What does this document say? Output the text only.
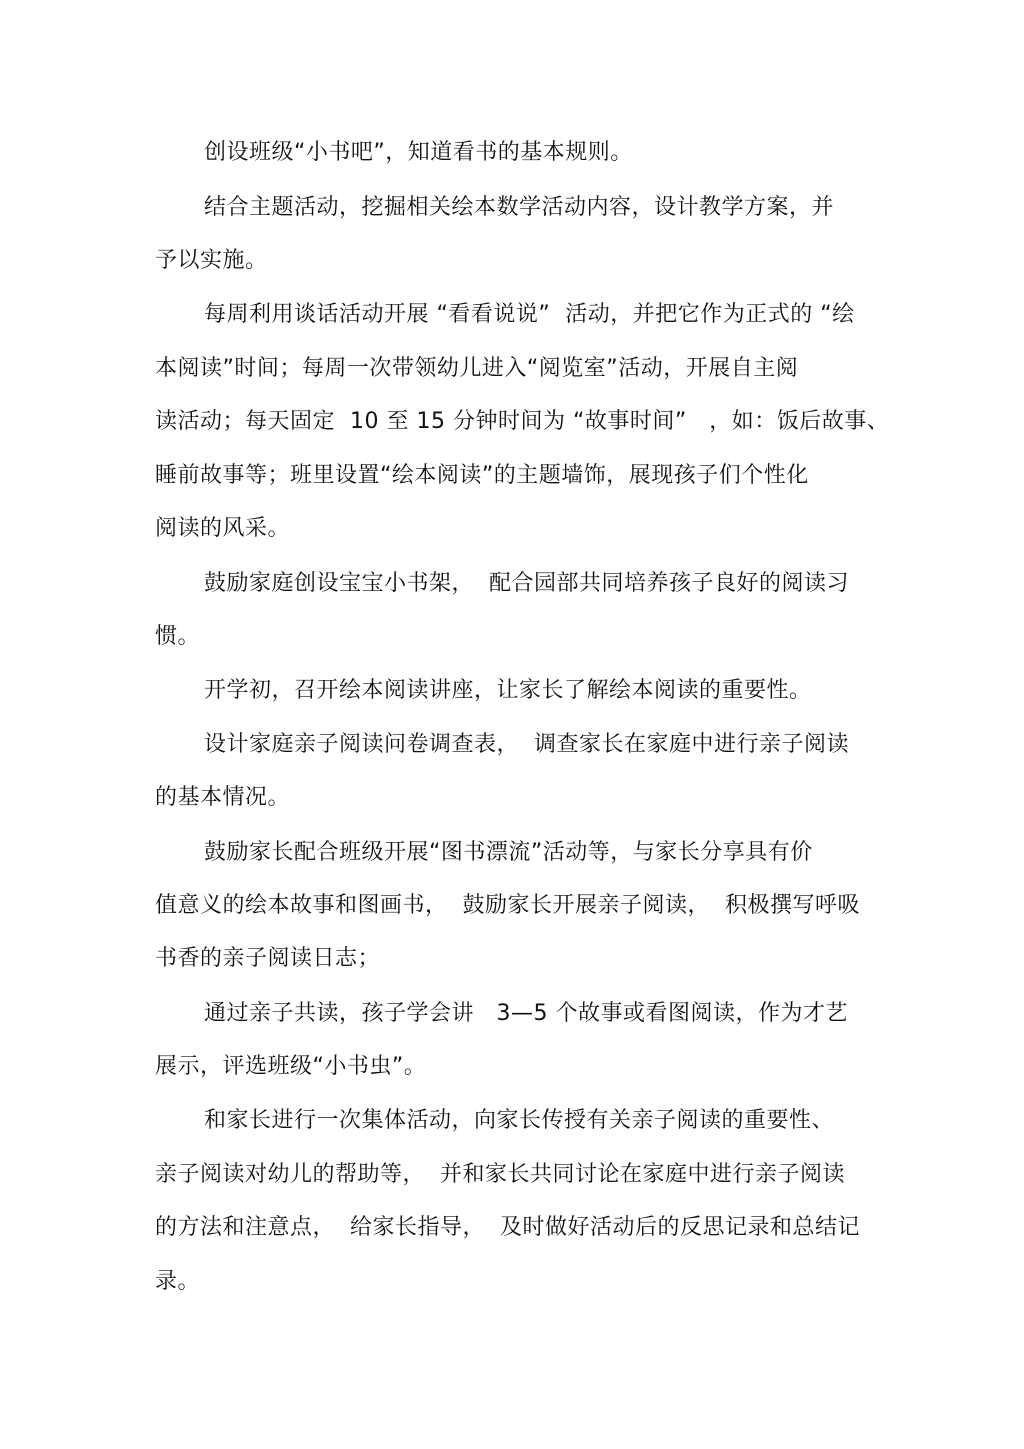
创设班级“小书吧”，知道看书的基本规则。
结合主题活动，挖掘相关绘本数学活动内容，设计教学方案，并
予以实施。
每周利用谈话活动开展 “看看说说”  活动，并把它作为正式的 “绘
本阅读”时间；每周一次带领幼儿进入“阅览室”活动，开展自主阅
读活动；每天固定  10 至 15 分钟时间为 “故事时间”   ，如：饭后故事、
睡前故事等；班里设置“绘本阅读”的主题墙饰，展现孩子们个性化
阅读的风采。
鼓励家庭创设宝宝小书架，  配合园部共同培养孩子良好的阅读习
惯。
开学初，召开绘本阅读讲座，让家长了解绘本阅读的重要性。
设计家庭亲子阅读问卷调查表，  调查家长在家庭中进行亲子阅读
的基本情况。
鼓励家长配合班级开展“图书漂流”活动等，与家长分享具有价
值意义的绘本故事和图画书，  鼓励家长开展亲子阅读，  积极撰写呼吸
书香的亲子阅读日志；
通过亲子共读，孩子学会讲   3—5 个故事或看图阅读，作为才艺
展示，评选班级“小书虫”。
和家长进行一次集体活动，向家长传授有关亲子阅读的重要性、
亲子阅读对幼儿的帮助等，  并和家长共同讨论在家庭中进行亲子阅读
的方法和注意点，  给家长指导，  及时做好活动后的反思记录和总结记
录。
